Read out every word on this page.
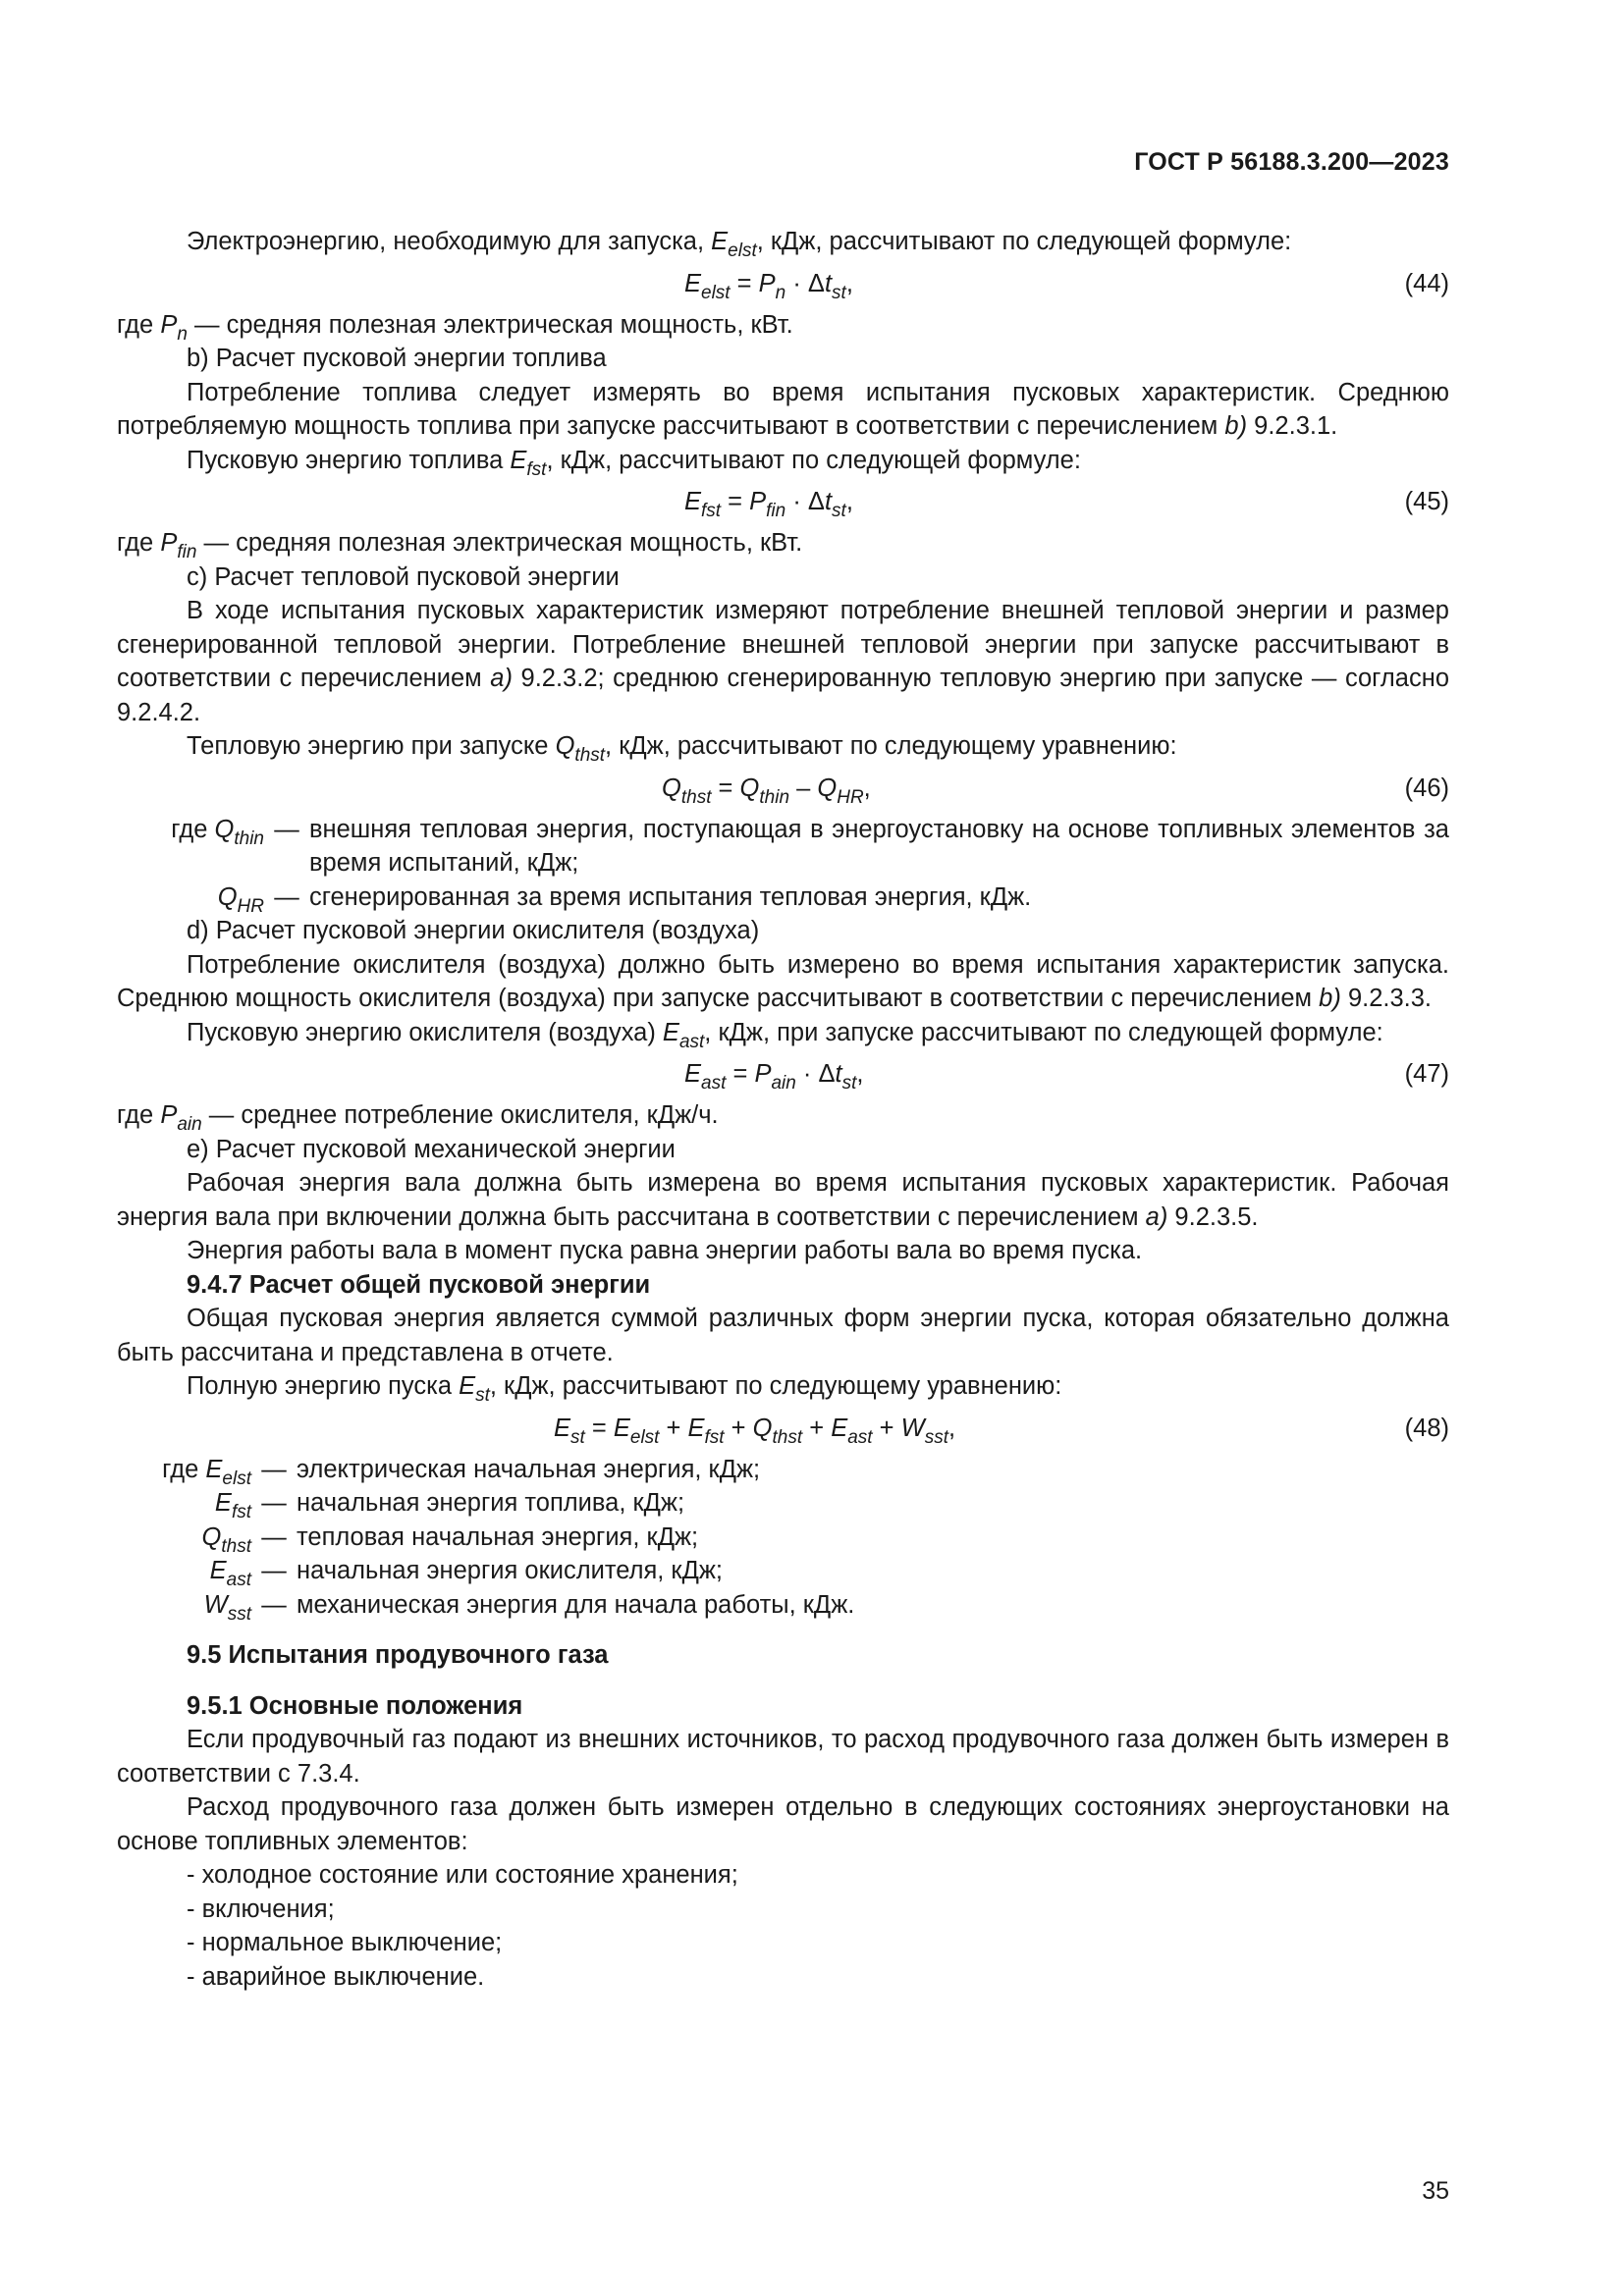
ГОСТ Р 56188.3.200—2023

Электроэнергию, необходимую для запуска, $E_{elst}$, кДж, рассчитывают по следующей формуле:

$E_{elst} = P_n \cdot \Delta t_{st}$,	(44)

где $P_n$ — средняя полезная электрическая мощность, кВт.

b) Расчет пусковой энергии топлива

Потребление топлива следует измерять во время испытания пусковых характеристик. Среднюю потребляемую мощность топлива при запуске рассчитывают в соответствии с перечислением b) 9.2.3.1.

Пусковую энергию топлива $E_{fst}$, кДж, рассчитывают по следующей формуле:

$E_{fst} = P_{fin} \cdot \Delta t_{st}$,	(45)

где $P_{fin}$ — средняя полезная электрическая мощность, кВт.

c) Расчет тепловой пусковой энергии

В ходе испытания пусковых характеристик измеряют потребление внешней тепловой энергии и размер сгенерированной тепловой энергии. Потребление внешней тепловой энергии при запуске рассчитывают в соответствии с перечислением a) 9.2.3.2; среднюю сгенерированную тепловую энергию при запуске — согласно 9.2.4.2.

Тепловую энергию при запуске $Q_{thst}$, кДж, рассчитывают по следующему уравнению:

$Q_{thst} = Q_{thin} - Q_{HR}$,	(46)
где $Q_{thin}$ — внешняя тепловая энергия, поступающая в энергоустановку на основе топливных элементов за время испытаний, кДж;
$Q_{HR}$ — сгенерированная за время испытания тепловая энергия, кДж.

d) Расчет пусковой энергии окислителя (воздуха)

Потребление окислителя (воздуха) должно быть измерено во время испытания характеристик запуска. Среднюю мощность окислителя (воздуха) при запуске рассчитывают в соответствии с перечислением b) 9.2.3.3.

Пусковую энергию окислителя (воздуха) $E_{ast}$, кДж, при запуске рассчитывают по следующей формуле:

$E_{ast} = P_{ain} \cdot \Delta t_{st}$,	(47)

где $P_{ain}$ — среднее потребление окислителя, кДж/ч.

e) Расчет пусковой механической энергии

Рабочая энергия вала должна быть измерена во время испытания пусковых характеристик. Рабочая энергия вала при включении должна быть рассчитана в соответствии с перечислением a) 9.2.3.5.

Энергия работы вала в момент пуска равна энергии работы вала во время пуска.

9.4.7 Расчет общей пусковой энергии

Общая пусковая энергия является суммой различных форм энергии пуска, которая обязательно должна быть рассчитана и представлена в отчете.

Полную энергию пуска $E_{st}$, кДж, рассчитывают по следующему уравнению:

$E_{st} = E_{elst} + E_{fst} + Q_{thst} + E_{ast} + W_{sst}$,	(48)
где $E_{elst}$ — электрическая начальная энергия, кДж;
$E_{fst}$ — начальная энергия топлива, кДж;
$Q_{thst}$ — тепловая начальная энергия, кДж;
$E_{ast}$ — начальная энергия окислителя, кДж;
$W_{sst}$ — механическая энергия для начала работы, кДж.

9.5 Испытания продувочного газа

9.5.1 Основные положения

Если продувочный газ подают из внешних источников, то расход продувочного газа должен быть измерен в соответствии с 7.3.4.

Расход продувочного газа должен быть измерен отдельно в следующих состояниях энергоустановки на основе топливных элементов:

- холодное состояние или состояние хранения;

- включения;

- нормальное выключение;

- аварийное выключение.

35
